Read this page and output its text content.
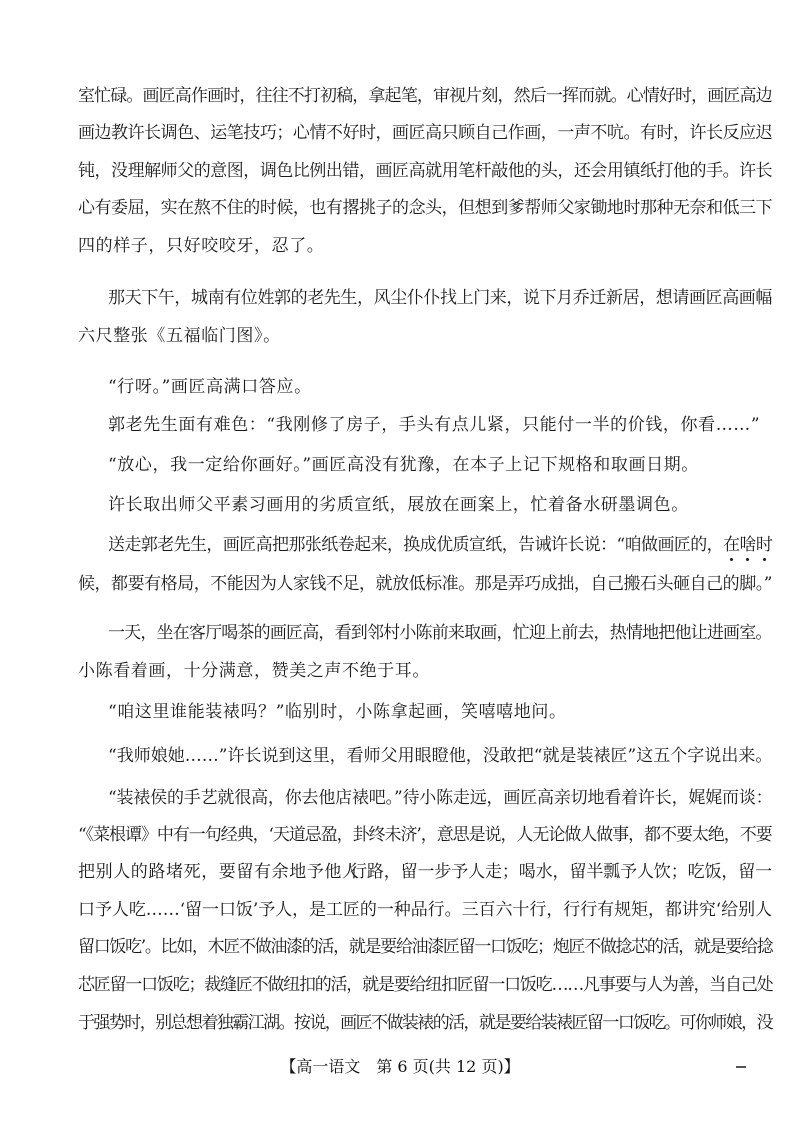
室忙碌。画匠高作画时，往往不打初稿，拿起笔，审视片刻，然后一挥而就。心情好时，画匠高边
画边教许长调色、运笔技巧；心情不好时，画匠高只顾自己作画，一声不吭。有时，许长反应迟
钝，没理解师父的意图，调色比例出错，画匠高就用笔杆敲他的头，还会用镇纸打他的手。许长
心有委屈，实在熬不住的时候，也有撂挑子的念头，但想到爹帮师父家锄地时那种无奈和低三下
四的样子，只好咬咬牙，忍了。
那天下午，城南有位姓郭的老先生，风尘仆仆找上门来，说下月乔迁新居，想请画匠高画幅
六尺整张《五福临门图》。
“行呀。”画匠高满口答应。
郭老先生面有难色：“我刚修了房子，手头有点儿紧，只能付一半的价钱，你看……”
“放心，我一定给你画好。”画匠高没有犹豫，在本子上记下规格和取画日期。
许长取出师父平素习画用的劣质宣纸，展放在画案上，忙着备水研墨调色。
送走郭老先生，画匠高把那张纸卷起来，换成优质宣纸，告诫许长说：“咱做画匠的，在啥时
候，都要有格局，不能因为人家钱不足，就放低标准。那是弄巧成拙，自己搬石头砸自己的脚。”
一天，坐在客厅喝茶的画匠高，看到邻村小陈前来取画，忙迎上前去，热情地把他让进画室。
小陈看着画，十分满意，赞美之声不绝于耳。
“咱这里谁能装裱吗？”临别时，小陈拿起画，笑嘻嘻地问。
“我师娘她……”许长说到这里，看师父用眼瞪他，没敢把“就是装裱匠”这五个字说出来。
“装裱侯的手艺就很高，你去他店裱吧。”待小陈走远，画匠高亲切地看着许长，娓娓而谈：
“《菜根谭》中有一句经典，‘天道忌盈，卦终未济’，意思是说，人无论做人做事，都不要太绝，不要
把别人的路堵死，要留有余地予他人
行路，留一步予人走；喝水，留半瓢予人饮；吃饭，留一
口予人吃……‘留一口饭’予人，是工匠的一种品行。三百六十行，行行有规矩，都讲究‘给别人
留口饭吃’。比如，木匠不做油漆的活，就是要给油漆匠留一口饭吃；炮匠不做捻芯的活，就是要给捻
芯匠留一口饭吃；裁缝匠不做纽扣的活，就是要给纽扣匠留一口饭吃……凡事要与人为善，当自己处
于强势时，别总想着独霸江湖。按说，画匠不做装裱的活，就是要给装裱匠留一口饭吃。可你师娘，没
【高一语文　第 6 页(共 12 页)】
